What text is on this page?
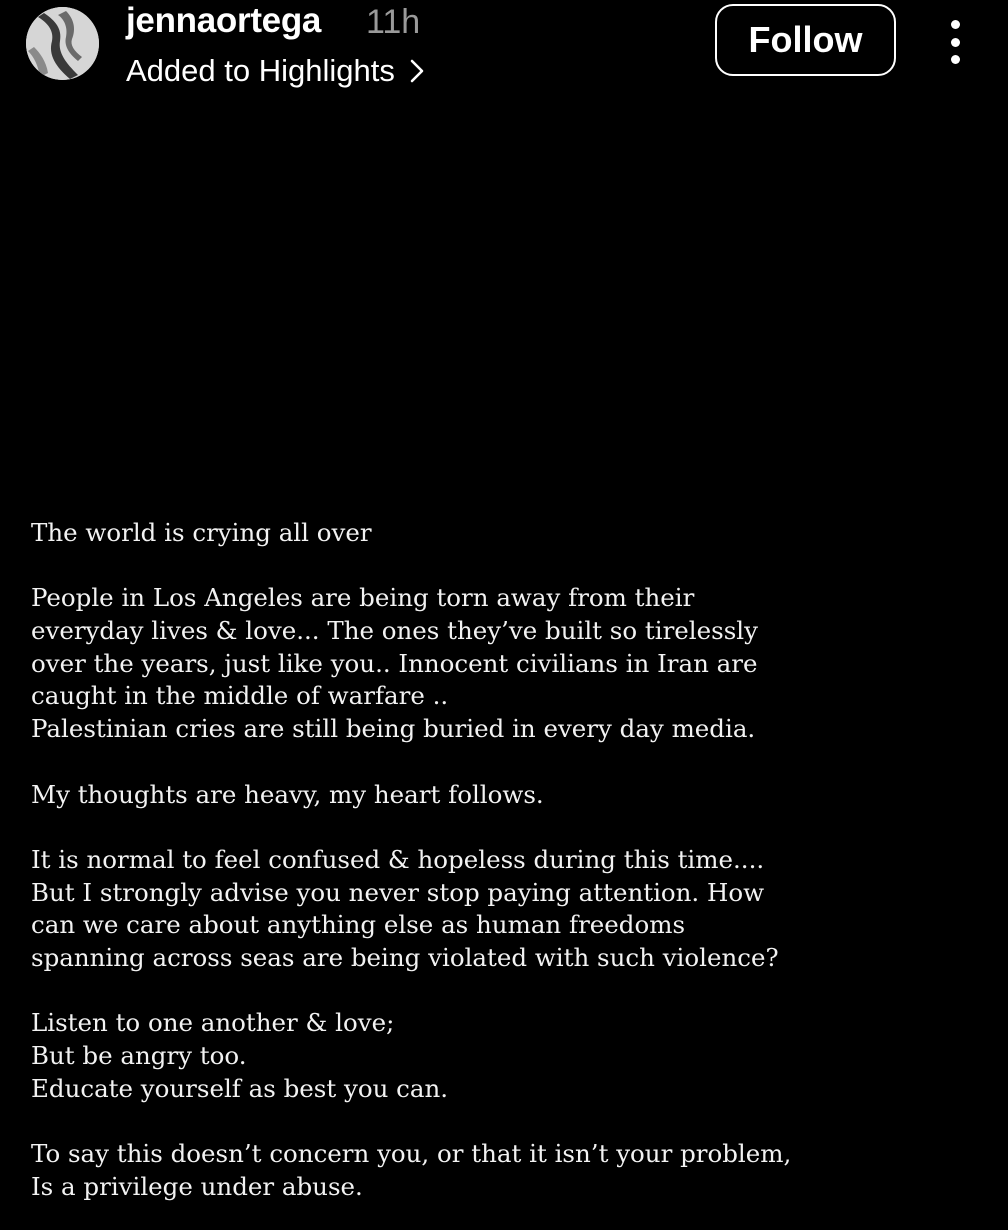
jennaortega 11h
Added to Highlights
Follow
The world is crying all over
People in Los Angeles are being torn away from their
everyday lives & love... The ones they’ve built so tirelessly
over the years, just like you.. Innocent civilians in Iran are
caught in the middle of warfare ..
Palestinian cries are still being buried in every day media.
My thoughts are heavy, my heart follows.
It is normal to feel confused & hopeless during this time....
But I strongly advise you never stop paying attention. How
can we care about anything else as human freedoms
spanning across seas are being violated with such violence?
Listen to one another & love;
But be angry too.
Educate yourself as best you can.
To say this doesn’t concern you, or that it isn’t your problem,
Is a privilege under abuse.
